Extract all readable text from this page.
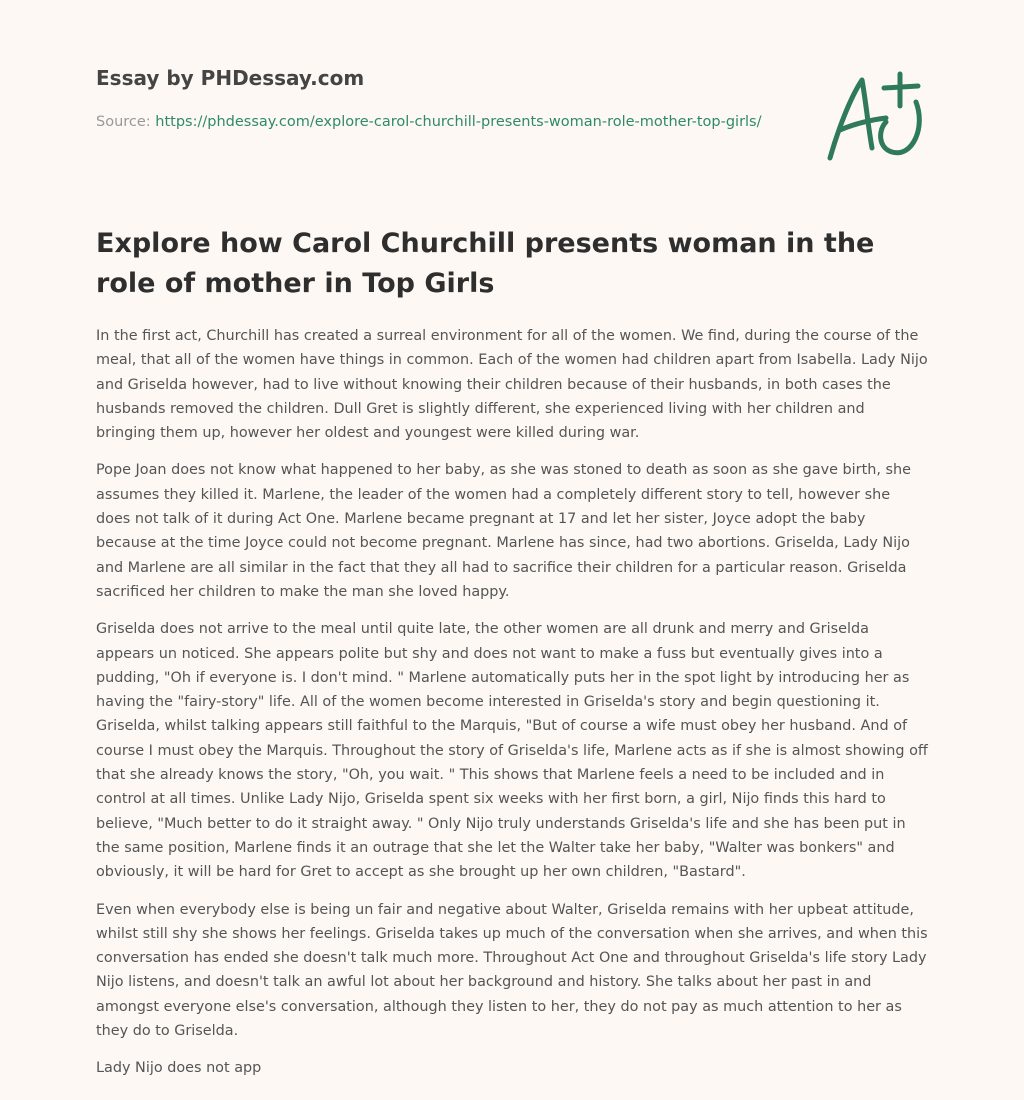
Essay by PHDessay.com
Source: https://phdessay.com/explore-carol-churchill-presents-woman-role-mother-top-girls/
Explore how Carol Churchill presents woman in the role of mother in Top Girls

In the first act, Churchill has created a surreal environment for all of the women. We find, during the course of the meal, that all of the women have things in common. Each of the women had children apart from Isabella. Lady Nijo and Griselda however, had to live without knowing their children because of their husbands, in both cases the husbands removed the children. Dull Gret is slightly different, she experienced living with her children and bringing them up, however her oldest and youngest were killed during war.

Pope Joan does not know what happened to her baby, as she was stoned to death as soon as she gave birth, she assumes they killed it. Marlene, the leader of the women had a completely different story to tell, however she does not talk of it during Act One. Marlene became pregnant at 17 and let her sister, Joyce adopt the baby because at the time Joyce could not become pregnant. Marlene has since, had two abortions. Griselda, Lady Nijo and Marlene are all similar in the fact that they all had to sacrifice their children for a particular reason. Griselda sacrificed her children to make the man she loved happy.

Griselda does not arrive to the meal until quite late, the other women are all drunk and merry and Griselda appears un noticed. She appears polite but shy and does not want to make a fuss but eventually gives into a pudding, "Oh if everyone is. I don't mind. " Marlene automatically puts her in the spot light by introducing her as having the "fairy-story" life. All of the women become interested in Griselda's story and begin questioning it. Griselda, whilst talking appears still faithful to the Marquis, "But of course a wife must obey her husband. And of course I must obey the Marquis. Throughout the story of Griselda's life, Marlene acts as if she is almost showing off that she already knows the story, "Oh, you wait. " This shows that Marlene feels a need to be included and in control at all times. Unlike Lady Nijo, Griselda spent six weeks with her first born, a girl, Nijo finds this hard to believe, "Much better to do it straight away. " Only Nijo truly understands Griselda's life and she has been put in the same position, Marlene finds it an outrage that she let the Walter take her baby, "Walter was bonkers" and obviously, it will be hard for Gret to accept as she brought up her own children, "Bastard".

Even when everybody else is being un fair and negative about Walter, Griselda remains with her upbeat attitude, whilst still shy she shows her feelings. Griselda takes up much of the conversation when she arrives, and when this conversation has ended she doesn't talk much more. Throughout Act One and throughout Griselda's life story Lady Nijo listens, and doesn't talk an awful lot about her background and history. She talks about her past in and amongst everyone else's conversation, although they listen to her, they do not pay as much attention to her as they do to Griselda.

Lady Nijo does not app
